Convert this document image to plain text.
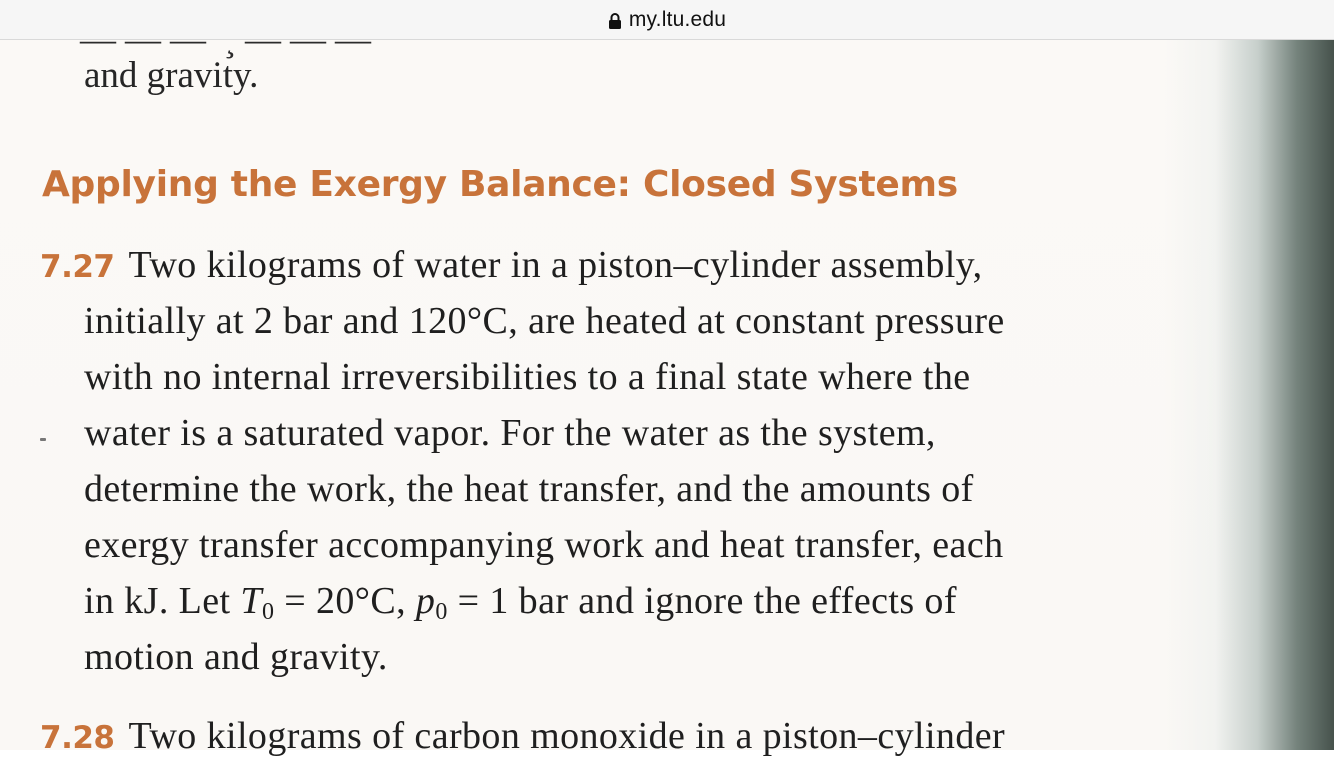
my.ltu.edu
and gravity.
Applying the Exergy Balance: Closed Systems
7.27 Two kilograms of water in a piston–cylinder assembly,
initially at 2 bar and 120°C, are heated at constant pressure
with no internal irreversibilities to a final state where the
water is a saturated vapor. For the water as the system,
determine the work, the heat transfer, and the amounts of
exergy transfer accompanying work and heat transfer, each
in kJ. Let $T_0 = 20^\circ C$, $p_0 = 1$ bar and ignore the effects of
motion and gravity.
7.28 Two kilograms of carbon monoxide in a piston–cylinder
